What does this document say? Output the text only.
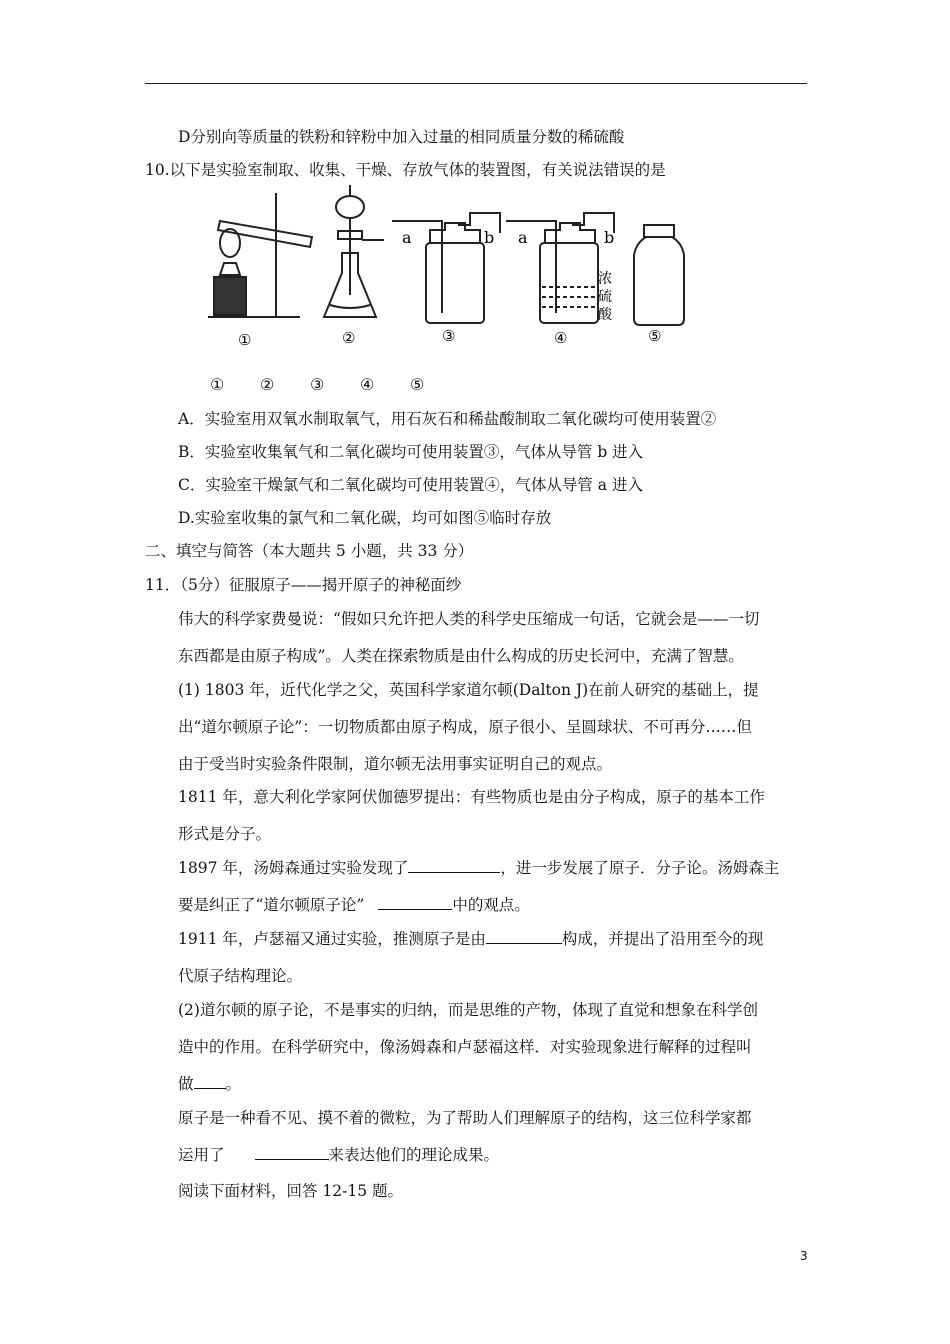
D分别向等质量的铁粉和锌粉中加入过量的相同质量分数的稀硫酸
10.以下是实验室制取、收集、干燥、存放气体的装置图，有关说法错误的是
a	b a	b
浓
硫
酸
①	②	③	④	⑤
① ② ③ ④ ⑤
A．实验室用双氧水制取氧气，用石灰石和稀盐酸制取二氧化碳均可使用装置②
B．实验室收集氧气和二氧化碳均可使用装置③，气体从导管 b 进入
C．实验室干燥氯气和二氧化碳均可使用装置④，气体从导管 a 进入
D.实验室收集的氯气和二氧化碳，均可如图⑤临时存放
二、填空与简答（本大题共 5 小题，共 33 分）
11．（5分）征服原子——揭开原子的神秘面纱
伟大的科学家费曼说：“假如只允许把人类的科学史压缩成一句话，它就会是——一切
东西都是由原子构成”。人类在探索物质是由什么构成的历史长河中，充满了智慧。
(1) 1803 年，近代化学之父，英国科学家道尔顿(Dalton J)在前人研究的基础上，提
出“道尔顿原子论”：一切物质都由原子构成，原子很小、呈圆球状、不可再分……但
由于受当时实验条件限制，道尔顿无法用事实证明自己的观点。
1811 年，意大利化学家阿伏伽德罗提出：有些物质也是由分子构成，原子的基本工作
形式是分子。
1897 年，汤姆森通过实验发现了	，进一步发展了原子．分子论。汤姆森主
要是纠正了“道尔顿原子论”	中的观点。
1911 年，卢瑟福又通过实验，推测原子是由	构成，并提出了沿用至今的现
代原子结构理论。
(2)道尔顿的原子论，不是事实的归纳，而是思维的产物，体现了直觉和想象在科学创
造中的作用。在科学研究中，像汤姆森和卢瑟福这样．对实验现象进行解释的过程叫
做 。
原子是一种看不见、摸不着的微粒，为了帮助人们理解原子的结构，这三位科学家都
运用了	来表达他们的理论成果。
阅读下面材料，回答 12-15 题。
3
